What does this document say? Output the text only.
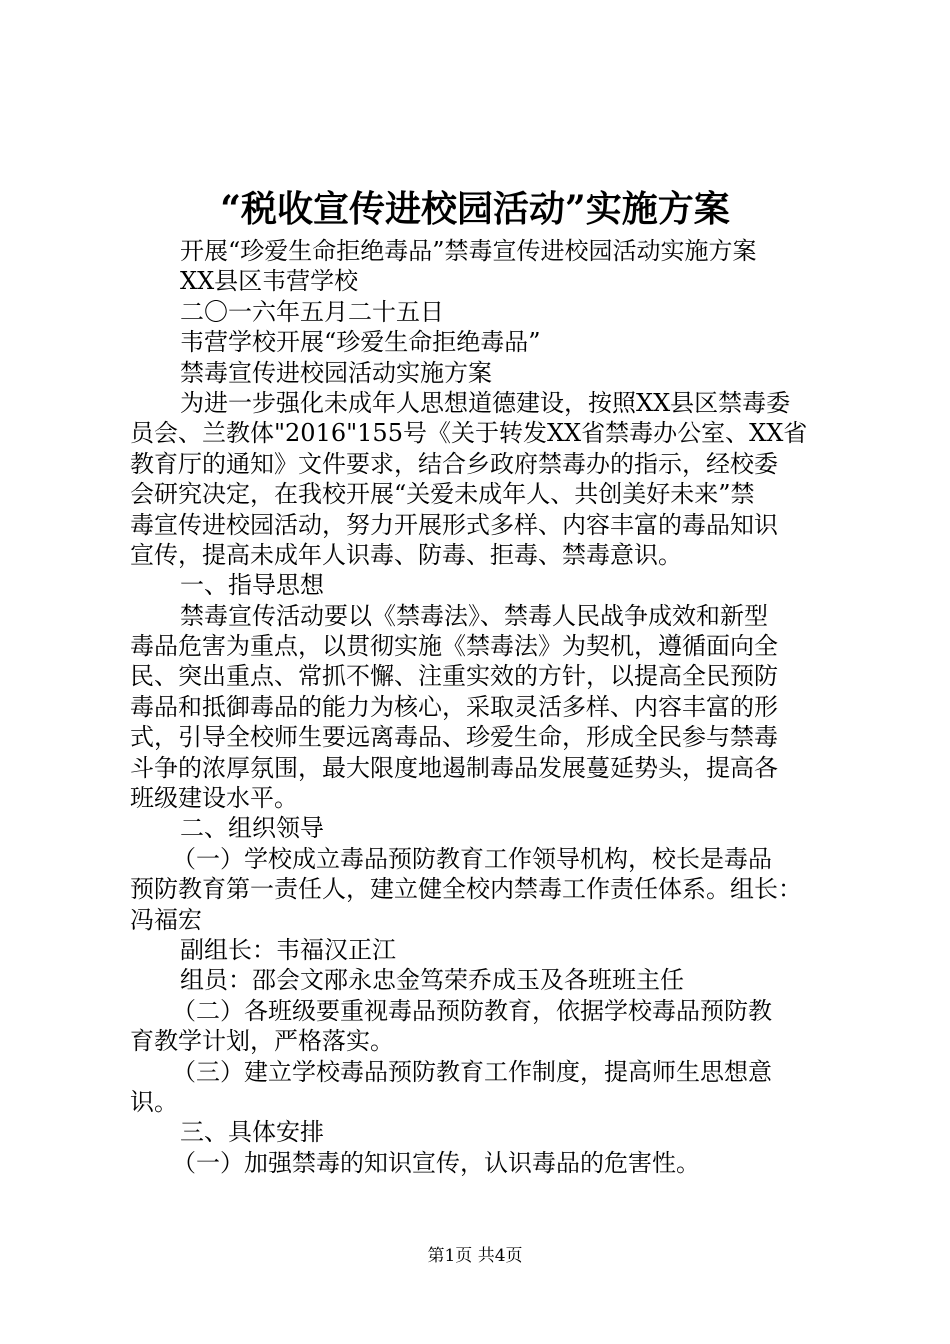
“税收宣传进校园活动”实施方案
开展“珍爱生命拒绝毒品”禁毒宣传进校园活动实施方案
XX县区韦营学校
二〇一六年五月二十五日
韦营学校开展“珍爱生命拒绝毒品”
禁毒宣传进校园活动实施方案
为进一步强化未成年人思想道德建设，按照XX县区禁毒委
员会、兰教体"2016"155号《关于转发XX省禁毒办公室、XX省
教育厅的通知》文件要求，结合乡政府禁毒办的指示，经校委
会研究决定，在我校开展“关爱未成年人、共创美好未来”禁
毒宣传进校园活动，努力开展形式多样、内容丰富的毒品知识
宣传，提高未成年人识毒、防毒、拒毒、禁毒意识。
一、指导思想
禁毒宣传活动要以《禁毒法》、禁毒人民战争成效和新型
毒品危害为重点，以贯彻实施《禁毒法》为契机，遵循面向全
民、突出重点、常抓不懈、注重实效的方针，以提高全民预防
毒品和抵御毒品的能力为核心，采取灵活多样、内容丰富的形
式，引导全校师生要远离毒品、珍爱生命，形成全民参与禁毒
斗争的浓厚氛围，最大限度地遏制毒品发展蔓延势头，提高各
班级建设水平。
二、组织领导
（一）学校成立毒品预防教育工作领导机构，校长是毒品
预防教育第一责任人，建立健全校内禁毒工作责任体系。组长：
冯福宏
副组长：韦福汉正江
组员：邵会文邴永忠金笃荣乔成玉及各班班主任
（二）各班级要重视毒品预防教育，依据学校毒品预防教
育教学计划，严格落实。
（三）建立学校毒品预防教育工作制度，提高师生思想意
识。
三、具体安排
（一）加强禁毒的知识宣传，认识毒品的危害性。
第1页 共4页
